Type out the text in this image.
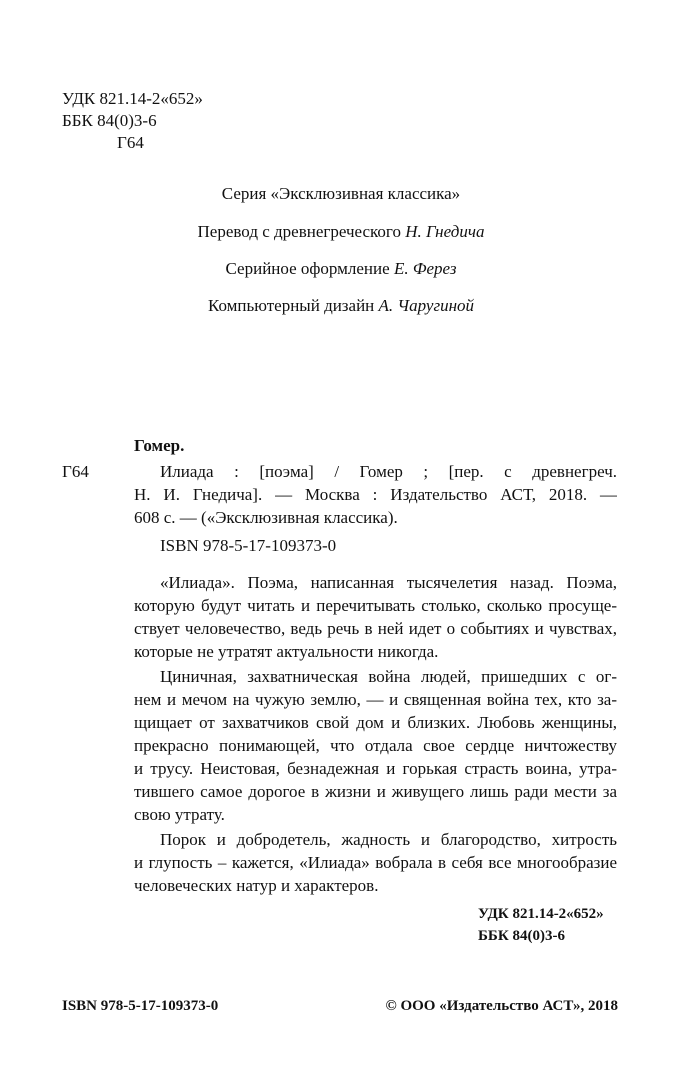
УДК 821.14-2«652»
ББК 84(0)3-6
Г64
Серия «Эксклюзивная классика»
Перевод с древнегреческого Н. Гнедича
Серийное оформление Е. Ферез
Компьютерный дизайн А. Чаругиной
Гомер.
Г64	Илиада : [поэма] / Гомер ; [пер. с древнегреч.
Н. И. Гнедича]. — Москва : Издательство АСТ, 2018. —
608 с. — («Эксклюзивная классика).
ISBN 978-5-17-109373-0
«Илиада». Поэма, написанная тысячелетия назад. Поэма,
которую будут читать и перечитывать столько, сколько просуще-
ствует человечество, ведь речь в ней идет о событиях и чувствах,
которые не утратят актуальности никогда.
Циничная, захватническая война людей, пришедших с ог-
нем и мечом на чужую землю, — и священная война тех, кто за-
щищает от захватчиков свой дом и близких. Любовь женщины,
прекрасно понимающей, что отдала свое сердце ничтожеству
и трусу. Неистовая, безнадежная и горькая страсть воина, утра-
тившего самое дорогое в жизни и живущего лишь ради мести за
свою утрату.
Порок и добродетель, жадность и благородство, хитрость
и глупость – кажется, «Илиада» вобрала в себя все многообразие
человеческих натур и характеров.
УДК 821.14-2«652»
ББК 84(0)3-6
ISBN 978-5-17-109373-0	© ООО «Издательство АСТ», 2018
